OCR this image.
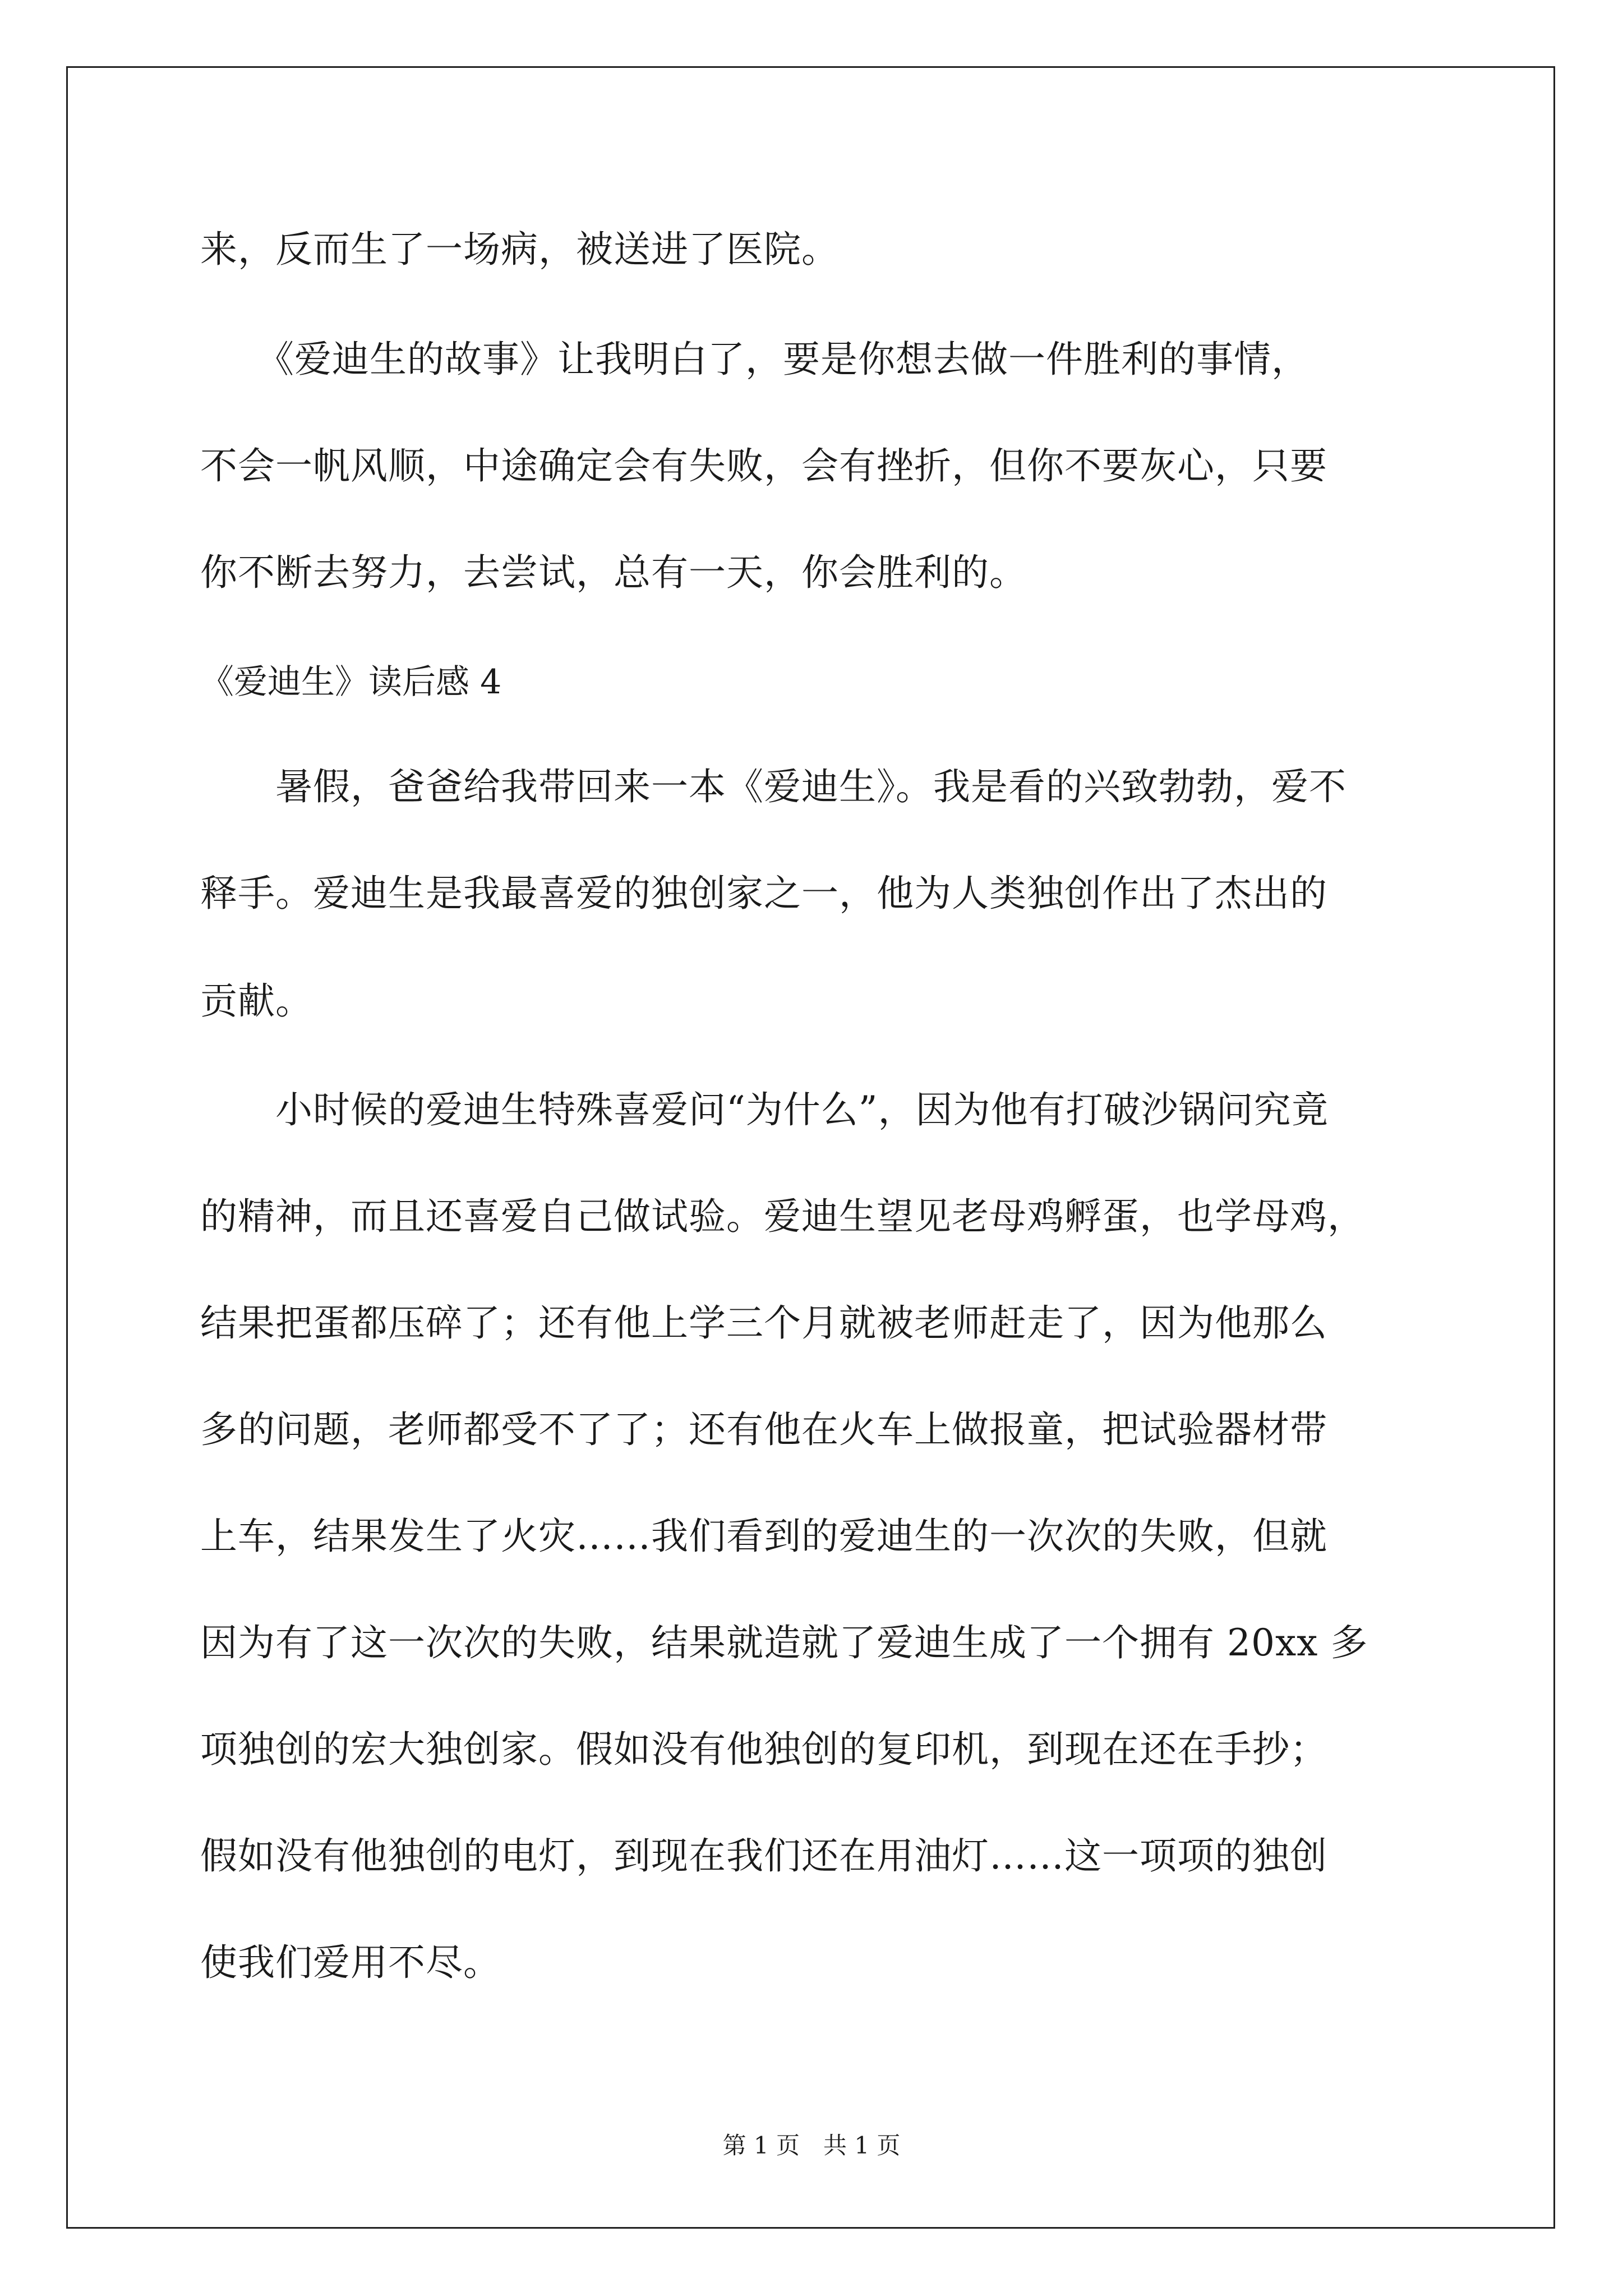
来，反而生了一场病，被送进了医院。
　　《爱迪生的故事》让我明白了，要是你想去做一件胜利的事情，
不会一帆风顺，中途确定会有失败，会有挫折，但你不要灰心，只要
你不断去努力，去尝试，总有一天，你会胜利的。
《爱迪生》读后感 4
　　暑假，爸爸给我带回来一本《爱迪生》。我是看的兴致勃勃，爱不
释手。爱迪生是我最喜爱的独创家之一，他为人类独创作出了杰出的
贡献。
　　小时候的爱迪生特殊喜爱问“为什么”，因为他有打破沙锅问究竟
的精神，而且还喜爱自己做试验。爱迪生望见老母鸡孵蛋，也学母鸡，
结果把蛋都压碎了；还有他上学三个月就被老师赶走了，因为他那么
多的问题，老师都受不了了；还有他在火车上做报童，把试验器材带
上车，结果发生了火灾……我们看到的爱迪生的一次次的失败，但就
因为有了这一次次的失败，结果就造就了爱迪生成了一个拥有 20xx 多
项独创的宏大独创家。假如没有他独创的复印机，到现在还在手抄；
假如没有他独创的电灯，到现在我们还在用油灯……这一项项的独创
使我们爱用不尽。
第 1 页　共 1 页
